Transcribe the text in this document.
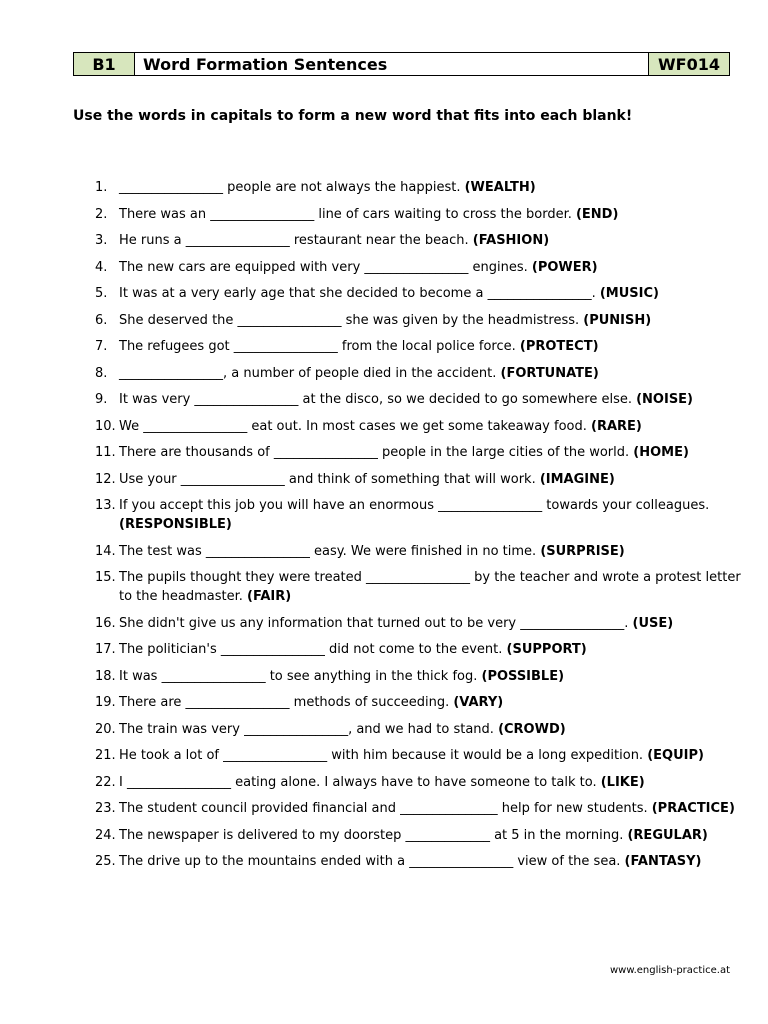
B1	Word Formation Sentences	WF014
Use the words in capitals to form a new word that fits into each blank!
1. ________________ people are not always the happiest. (WEALTH)
2. There was an ________________ line of cars waiting to cross the border. (END)
3. He runs a ________________ restaurant near the beach. (FASHION)
4. The new cars are equipped with very ________________ engines. (POWER)
5. It was at a very early age that she decided to become a ________________. (MUSIC)
6. She deserved the ________________ she was given by the headmistress. (PUNISH)
7. The refugees got ________________ from the local police force. (PROTECT)
8. ________________, a number of people died in the accident. (FORTUNATE)
9. It was very ________________ at the disco, so we decided to go somewhere else. (NOISE)
10. We ________________ eat out. In most cases we get some takeaway food. (RARE)
11. There are thousands of ________________ people in the large cities of the world. (HOME)
12. Use your ________________ and think of something that will work. (IMAGINE)
13. If you accept this job you will have an enormous ________________ towards your colleagues. (RESPONSIBLE)
14. The test was ________________ easy. We were finished in no time. (SURPRISE)
15. The pupils thought they were treated ________________ by the teacher and wrote a protest letter to the headmaster. (FAIR)
16. She didn't give us any information that turned out to be very ________________. (USE)
17. The politician's ________________ did not come to the event. (SUPPORT)
18. It was ________________ to see anything in the thick fog. (POSSIBLE)
19. There are ________________ methods of succeeding. (VARY)
20. The train was very ________________, and we had to stand. (CROWD)
21. He took a lot of ________________ with him because it would be a long expedition. (EQUIP)
22. I ________________ eating alone. I always have to have someone to talk to. (LIKE)
23. The student council provided financial and _______________ help for new students. (PRACTICE)
24. The newspaper is delivered to my doorstep _____________ at 5 in the morning. (REGULAR)
25. The drive up to the mountains ended with a ________________ view of the sea. (FANTASY)
www.english-practice.at
